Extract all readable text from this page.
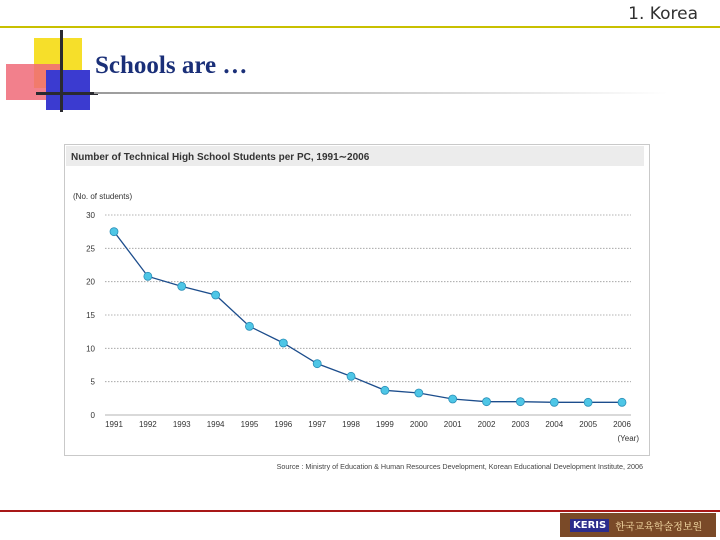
1. Korea
Schools are …
Number of Technical High School Students per PC, 1991∼2006
(No. of students)
(Year)
Source : Ministry of Education & Human Resources Development, Korean Educational Development Institute, 2006
0
5
10
15
20
25
30
1991 1992 1993 1994 1995 1996 1997 1998 1999 2000 2001 2002 2003 2004 2005 2006
KERIS 한국교육학술정보원
